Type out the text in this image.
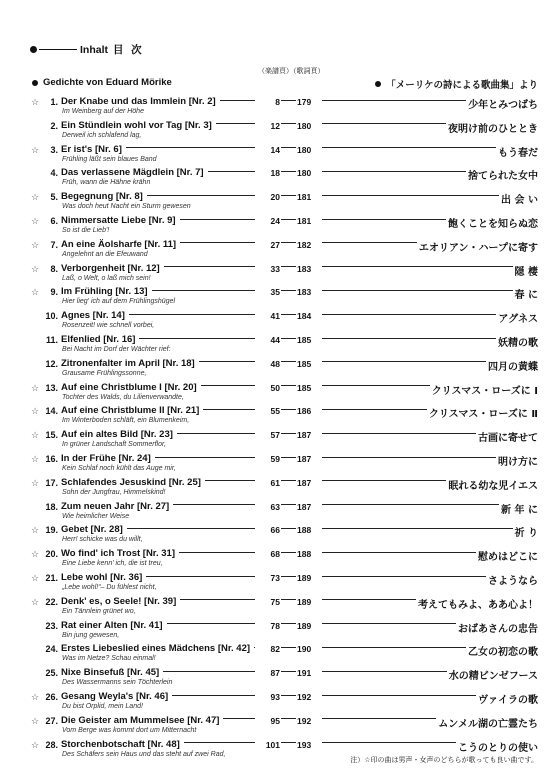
Inhalt 目 次
（楽譜頁）（歌詞頁）
Gedichte von Eduard Mörike	「メーリケの詩による歌曲集」より
☆	1. Der Knabe und das Immlein [Nr. 2]
Im Weinberg auf der Höhe
8 179	少年とみつばち
2. Ein Stündlein wohl vor Tag [Nr. 3]
Derweil ich schlafend lag,
12 180	夜明け前のひととき
☆	3. Er ist's [Nr. 6]
Frühling läßt sein blaues Band
14 180	もう春だ
4. Das verlassene Mägdlein [Nr. 7]
Früh, wann die Hähne krähn
18 180	捨てられた女中
☆	5. Begegnung [Nr. 8]
Was doch heut Nacht ein Sturm gewesen
20 181	出 会 い
☆	6. Nimmersatte Liebe [Nr. 9]
So ist die Lieb'!
24 181	飽くことを知らぬ恋
☆	7. An eine Äolsharfe [Nr. 11]
Angelehnt an die Efeuwand
27 182	エオリアン・ハープに寄す
☆	8. Verborgenheit [Nr. 12]
Laß, o Welt, o laß mich sein!
33 183	隠 棲
☆	9. Im Frühling [Nr. 13]
Hier lieg' ich auf dem Frühlingshügel
35 183	春 に
10. Agnes [Nr. 14]
Rosenzeit! wie schnell vorbei,
41 184	アグネス
11. Elfenlied [Nr. 16]
Bei Nacht im Dorf der Wächter rief:
44 185	妖精の歌
12. Zitronenfalter im April [Nr. 18]
Grausame Frühlingssonne,
48 185	四月の黄蝶
☆ 13. Auf eine Christblume I [Nr. 20]
Tochter des Walds, du Lilienverwandte,
50 185	クリスマス・ローズに Ⅰ
☆ 14. Auf eine Christblume II [Nr. 21]
Im Winterboden schläft, ein Blumenkeim,
55 186	クリスマス・ローズに Ⅱ
☆ 15. Auf ein altes Bild [Nr. 23]
In grüner Landschaft Sommerflor,
57 187	古画に寄せて
☆ 16. In der Frühe [Nr. 24]
Kein Schlaf noch kühlt das Auge mir,
59 187	明け方に
☆ 17. Schlafendes Jesuskind [Nr. 25]
Sohn der Jungfrau, Himmelskind!
61 187	眠れる幼な児イエス
18. Zum neuen Jahr [Nr. 27]
Wie heimlicher Weise
63 187	新 年 に
☆ 19. Gebet [Nr. 28]
Herr! schicke was du willt,
66 188	祈 り
☆ 20. Wo find' ich Trost [Nr. 31]
Eine Liebe kenn' ich, die ist treu,
68 188	慰めはどこに
☆ 21. Lebe wohl [Nr. 36]
„Lebe wohl!“– Du fühlest nicht,
73 189	さようなら
☆ 22. Denk' es, o Seele! [Nr. 39]
Ein Tännlein grünet wo,
75 189	考えてもみよ、ああ心よ！
23. Rat einer Alten [Nr. 41]
Bin jung gewesen,
78 189	おばあさんの忠告
24. Erstes Liebeslied eines Mädchens [Nr. 42]
Was im Netze? Schau einmal!
82 190	乙女の初恋の歌
25. Nixe Binsefuß [Nr. 45]
Des Wassermanns sein Töchterlein
87 191	水の精ビンゼフース
☆ 26. Gesang Weyla's [Nr. 46]
Du bist Orplid, mein Land!
93 192	ヴァイラの歌
☆ 27. Die Geister am Mummelsee [Nr. 47]
Vom Berge was kommt dort um Mitternacht
95 192	ムンメル湖の亡霊たち
☆ 28. Storchenbotschaft [Nr. 48]
Des Schäfers sein Haus und das steht auf zwei Rad,
101 193	こうのとりの使い
注）☆印の曲は男声・女声のどちらが歌っても良い曲です。
